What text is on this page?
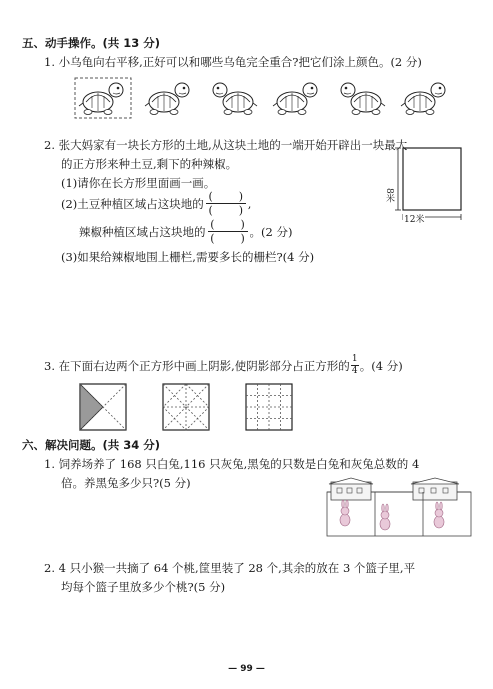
五、动手操作。(共 13 分)
1. 小乌龟向右平移,正好可以和哪些乌龟完全重合?把它们涂上颜色。(2 分)
2. 张大妈家有一块长方形的土地,从这块土地的一端开始开辟出一块最大
的正方形来种土豆,剩下的种辣椒。
(1)请你在长方形里面画一画。
(2)土豆种植区域占这块地的 $\frac{( )}{( )}$ ,
辣椒种植区域占这块地的 $\frac{( )}{( )}$ 。(2 分)
(3)如果给辣椒地围上栅栏,需要多长的栅栏?(4 分)
8米
12米
3. 在下面右边两个正方形中画上阴影,使阴影部分占正方形的 1
4 。(4 分)
六、解决问题。(共 34 分)
1. 饲养场养了 168 只白兔,116 只灰兔,黑兔的只数是白兔和灰兔总数的 4
倍。养黑兔多少只?(5 分)
2. 4 只小猴一共摘了 64 个桃,筐里装了 28 个,其余的放在 3 个篮子里,平
均每个篮子里放多少个桃?(5 分)
— 99 —
